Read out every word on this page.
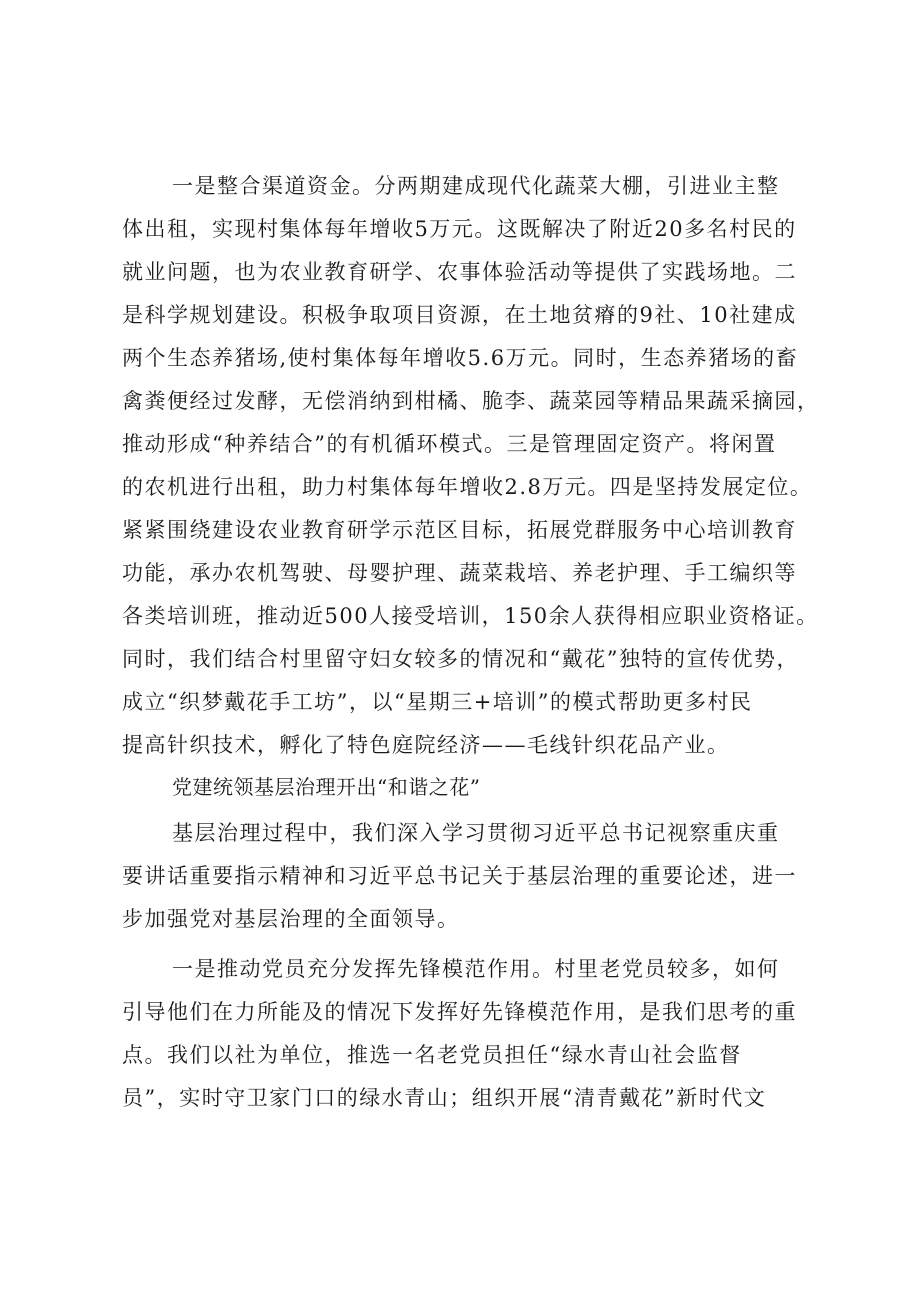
一是整合渠道资金。分两期建成现代化蔬菜大棚，引进业主整

体出租，实现村集体每年增收5万元。这既解决了附近20多名村民的

就业问题，也为农业教育研学、农事体验活动等提供了实践场地。二

是科学规划建设。积极争取项目资源，在土地贫瘠的9社、10社建成

两个生态养猪场,使村集体每年增收5.6万元。同时，生态养猪场的畜

禽粪便经过发酵，无偿消纳到柑橘、脆李、蔬菜园等精品果蔬采摘园，

推动形成“种养结合”的有机循环模式。三是管理固定资产。将闲置

的农机进行出租，助力村集体每年增收2.8万元。四是坚持发展定位。

紧紧围绕建设农业教育研学示范区目标，拓展党群服务中心培训教育

功能，承办农机驾驶、母婴护理、蔬菜栽培、养老护理、手工编织等

各类培训班，推动近500人接受培训，150余人获得相应职业资格证。

同时，我们结合村里留守妇女较多的情况和“戴花”独特的宣传优势，

成立“织梦戴花手工坊”，以“星期三+培训”的模式帮助更多村民

提高针织技术，孵化了特色庭院经济——毛线针织花品产业。

党建统领基层治理开出“和谐之花”

基层治理过程中，我们深入学习贯彻习近平总书记视察重庆重

要讲话重要指示精神和习近平总书记关于基层治理的重要论述，进一

步加强党对基层治理的全面领导。

一是推动党员充分发挥先锋模范作用。村里老党员较多，如何

引导他们在力所能及的情况下发挥好先锋模范作用，是我们思考的重

点。我们以社为单位，推选一名老党员担任“绿水青山社会监督

员”，实时守卫家门口的绿水青山；组织开展“清青戴花”新时代文
